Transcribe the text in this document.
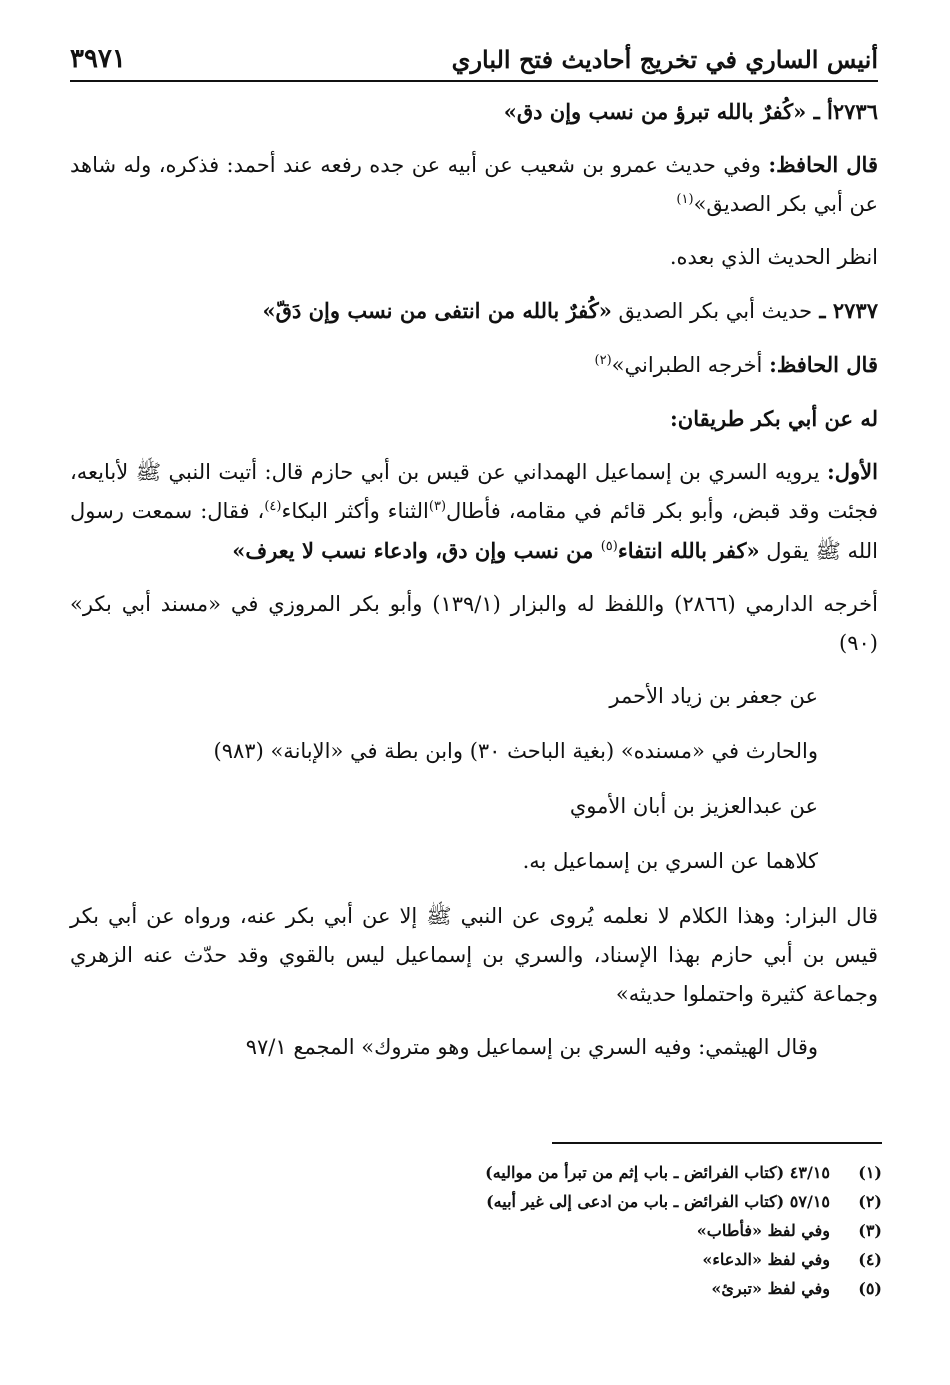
أنيس الساري في تخريج أحاديث فتح الباري
٣٩٧١

٢٧٣٦أ ـ «كُفرٌ بالله تبرؤ من نسب وإن دق»

قال الحافظ: وفي حديث عمرو بن شعيب عن أبيه عن جده رفعه عند أحمد: فذكره، وله شاهد عن أبي بكر الصديق»$^{(١)}$

انظر الحديث الذي بعده.

٢٧٣٧ ـ حديث أبي بكر الصديق «كُفرٌ بالله من انتفى من نسب وإن دَقّ»

قال الحافظ: أخرجه الطبراني»$^{(٢)}$

له عن أبي بكر طريقان:

الأول: يرويه السري بن إسماعيل الهمداني عن قيس بن أبي حازم قال: أتيت النبي ﷺ لأبايعه، فجئت وقد قبض، وأبو بكر قائم في مقامه، فأطال$^{(٣)}$الثناء وأكثر البكاء$^{(٤)}$، فقال: سمعت رسول الله ﷺ يقول «كفر بالله انتفاء$^{(٥)}$ من نسب وإن دق، وادعاء نسب لا يعرف»

أخرجه الدارمي (٢٨٦٦) واللفظ له والبزار (١٣٩/١) وأبو بكر المروزي في «مسند أبي بكر» (٩٠)

عن جعفر بن زياد الأحمر

والحارث في «مسنده» (بغية الباحث ٣٠) وابن بطة في «الإبانة» (٩٨٣)

عن عبدالعزيز بن أبان الأموي

كلاهما عن السري بن إسماعيل به.

قال البزار: وهذا الكلام لا نعلمه يُروى عن النبي ﷺ إلا عن أبي بكر عنه، ورواه عن أبي بكر قيس بن أبي حازم بهذا الإسناد، والسري بن إسماعيل ليس بالقوي وقد حدّث عنه الزهري وجماعة كثيرة واحتملوا حديثه»

وقال الهيثمي: وفيه السري بن إسماعيل وهو متروك» المجمع ٩٧/١

(١)
٤٣/١٥ (كتاب الفرائض ـ باب إثم من تبرأ من مواليه)
(٢)
٥٧/١٥ (كتاب الفرائض ـ باب من ادعى إلى غير أبيه)
(٣)
وفي لفظ «فأطاب»
(٤)
وفي لفظ «الدعاء»
(٥)
وفي لفظ «تبرئ»
